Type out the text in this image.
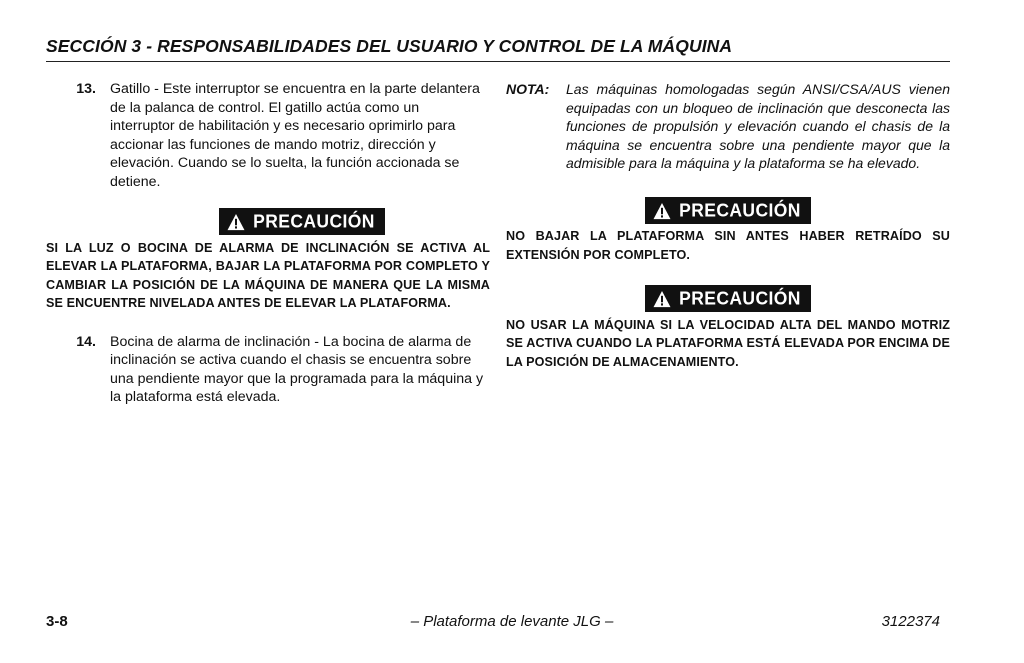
SECCIÓN 3 - RESPONSABILIDADES DEL USUARIO Y CONTROL DE LA MÁQUINA
13. Gatillo - Este interruptor se encuentra en la parte delantera de la palanca de control. El gatillo actúa como un interruptor de habilitación y es necesario oprimirlo para accionar las funciones de mando motriz, dirección y elevación. Cuando se lo suelta, la función accionada se detiene.
PRECAUCIÓN
SI LA LUZ O BOCINA DE ALARMA DE INCLINACIÓN SE ACTIVA AL ELEVAR LA PLATAFORMA, BAJAR LA PLATAFORMA POR COMPLETO Y CAMBIAR LA POSICIÓN DE LA MÁQUINA DE MANERA QUE LA MISMA SE ENCUENTRE NIVELADA ANTES DE ELEVAR LA PLATAFORMA.
14. Bocina de alarma de inclinación - La bocina de alarma de inclinación se activa cuando el chasis se encuentra sobre una pendiente mayor que la programada para la máquina y la plataforma está elevada.
NOTA:	Las máquinas homologadas según ANSI/CSA/AUS vienen equipadas con un bloqueo de inclinación que desconecta las funciones de propulsión y elevación cuando el chasis de la máquina se encuentra sobre una pendiente mayor que la admisible para la máquina y la plataforma se ha elevado.
PRECAUCIÓN
NO BAJAR LA PLATAFORMA SIN ANTES HABER RETRAÍDO SU EXTENSIÓN POR COMPLETO.
PRECAUCIÓN
NO USAR LA MÁQUINA SI LA VELOCIDAD ALTA DEL MANDO MOTRIZ SE ACTIVA CUANDO LA PLATAFORMA ESTÁ ELEVADA POR ENCIMA DE LA POSICIÓN DE ALMACENAMIENTO.
3-8	– Plataforma de levante JLG –	3122374
